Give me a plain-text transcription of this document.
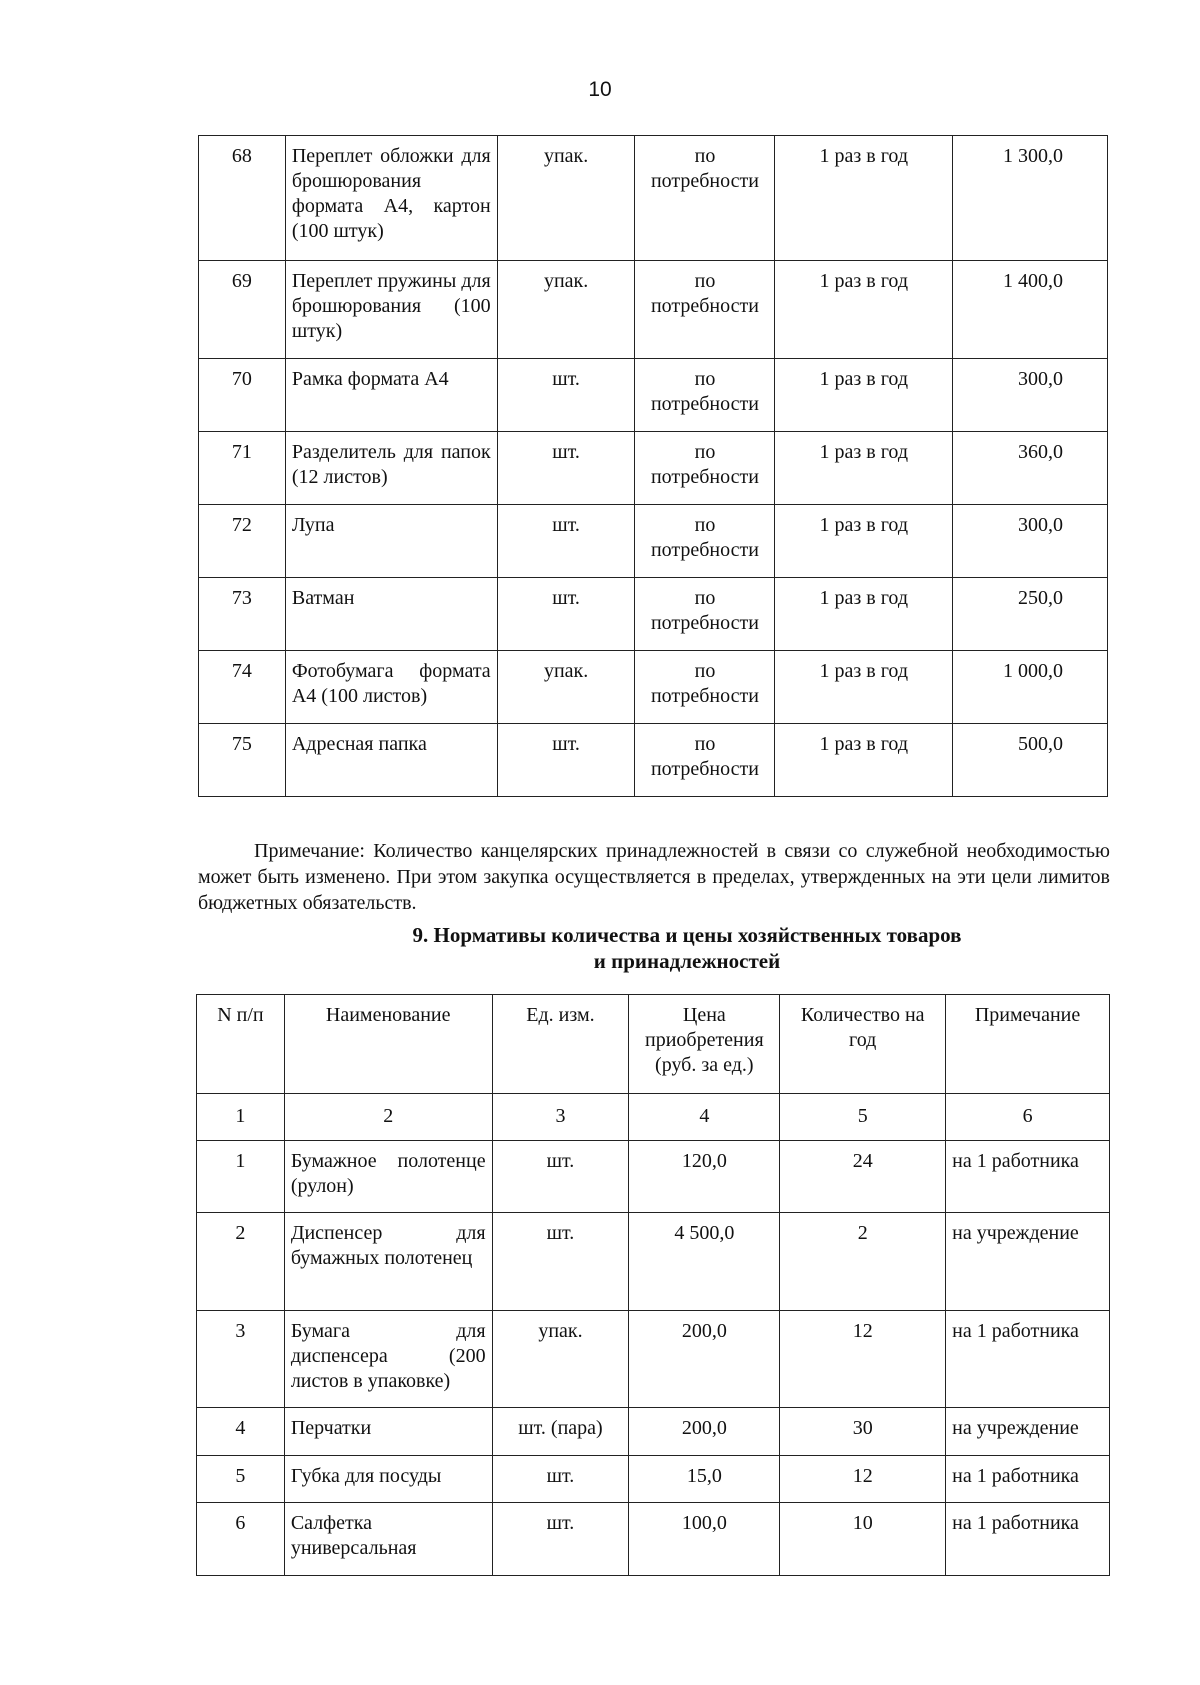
10
68	Переплет обложки для брошюрования формата А4, картон (100 штук)	упак.	по потребности	1 раз в год	1 300,0
69	Переплет пружины для брошюрования (100 штук)	упак.	по потребности	1 раз в год	1 400,0
70	Рамка формата А4	шт.	по потребности	1 раз в год	300,0
71	Разделитель для папок (12 листов)	шт.	по потребности	1 раз в год	360,0
72	Лупа	шт.	по потребности	1 раз в год	300,0
73	Ватман	шт.	по потребности	1 раз в год	250,0
74	Фотобумага формата А4 (100 листов)	упак.	по потребности	1 раз в год	1 000,0
75	Адресная папка	шт.	по потребности	1 раз в год	500,0

Примечание: Количество канцелярских принадлежностей в связи со служебной необходимостью может быть изменено. При этом закупка осуществляется в пределах, утвержденных на эти цели лимитов бюджетных обязательств.

9. Нормативы количества и цены хозяйственных товаров
и принадлежностей
N п/п	Наименование	Ед. изм.	Цена приобретения (руб. за ед.)	Количество на год	Примечание
1	2	3	4	5	6
1	Бумажное полотенце (рулон)	шт.	120,0	24	на 1 работника
2	Диспенсер для бумажных полотенец	шт.	4 500,0	2	на учреждение
3	Бумага для диспенсера (200 листов в упаковке)	упак.	200,0	12	на 1 работника
4	Перчатки	шт. (пара)	200,0	30	на учреждение
5	Губка для посуды	шт.	15,0	12	на 1 работника
6	Салфетка универсальная	шт.	100,0	10	на 1 работника
